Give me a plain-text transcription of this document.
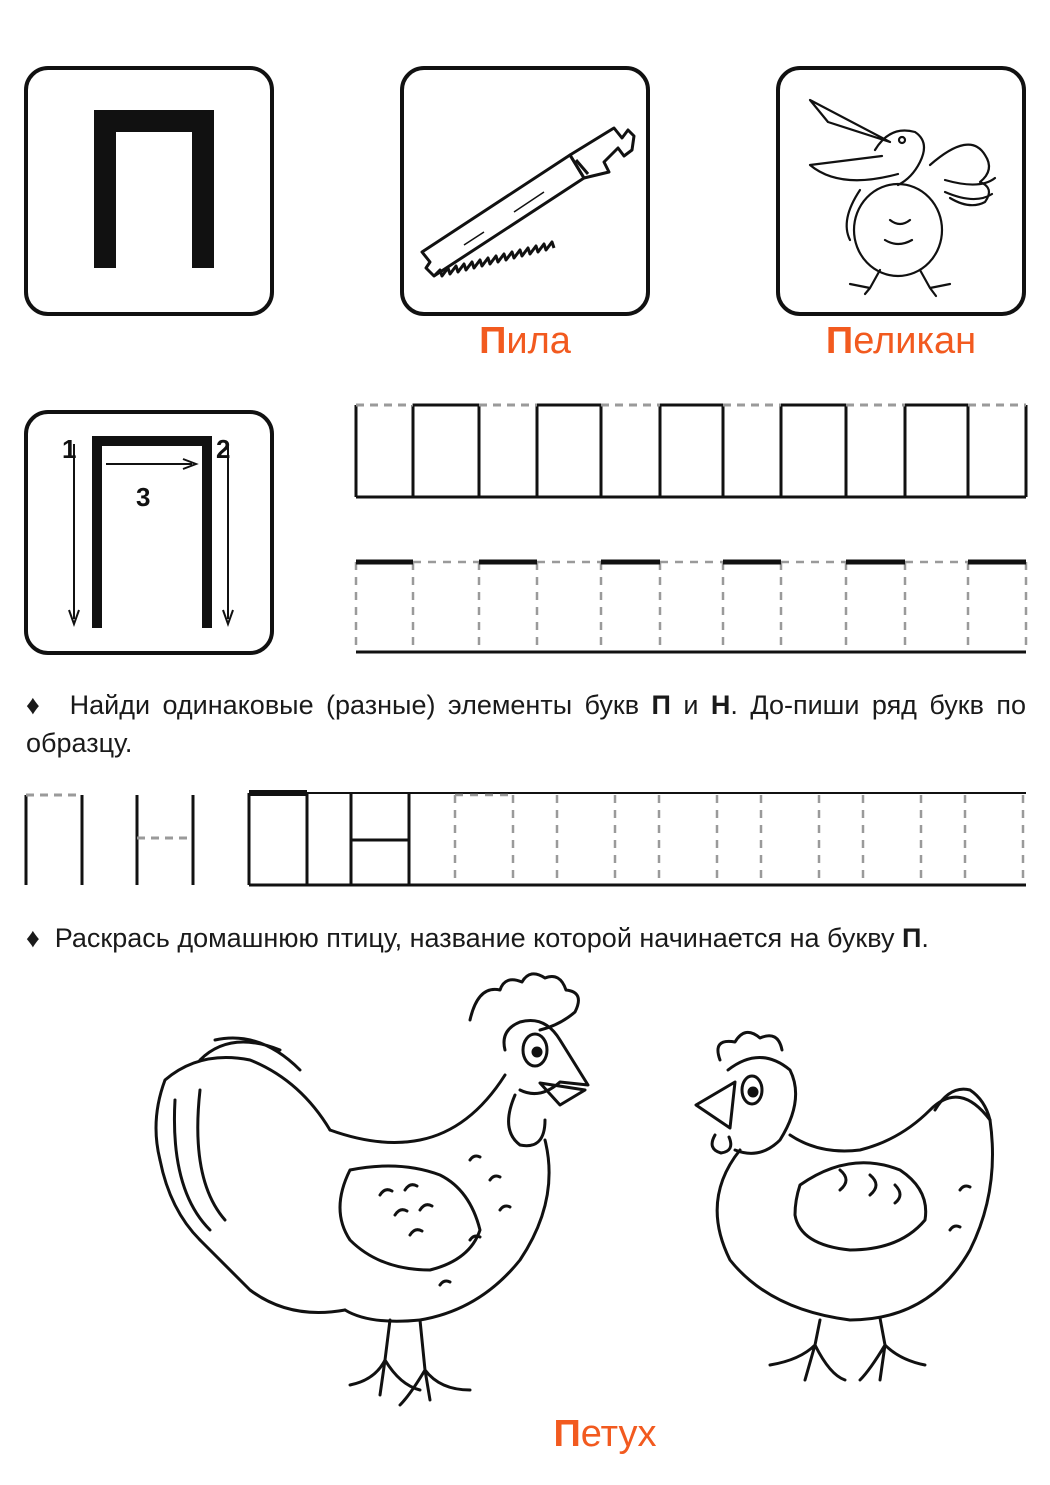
Пила	Пеликан
1	2
3
♦ Найди одинаковые (разные) элементы букв П и Н. До-пиши ряд букв по образцу.
♦ Раскрась домашнюю птицу, название которой начинается на букву П.
Петух
